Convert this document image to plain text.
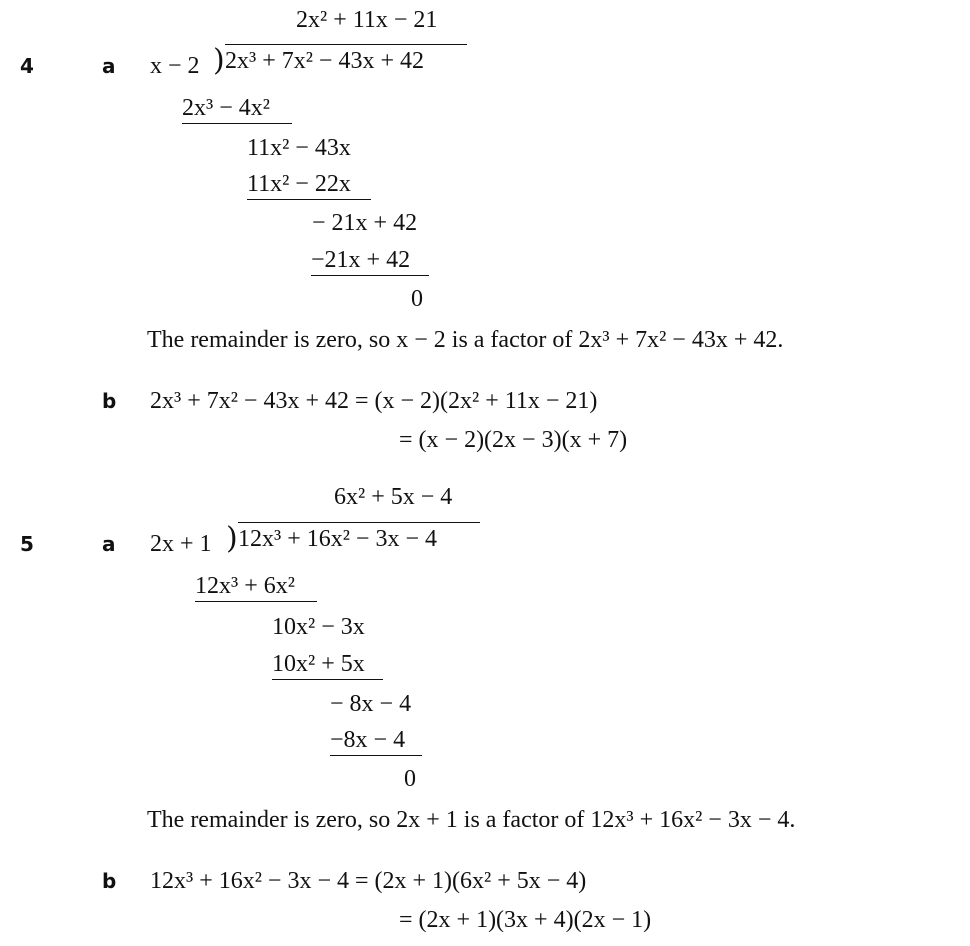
2x² + 11x − 21
4	a x − 2 ) 2x³ + 7x² − 43x + 42
2x³ − 4x²
11x² − 43x
11x² − 22x
− 21x + 42
−21x + 42
0
The remainder is zero, so x − 2 is a factor of 2x³ + 7x² − 43x + 42.
b 2x³ + 7x² − 43x + 42 = (x − 2)(2x² + 11x − 21)
= (x − 2)(2x − 3)(x + 7)
6x² + 5x − 4
5	a 2x + 1 ) 12x³ + 16x² − 3x − 4
12x³ + 6x²
10x² − 3x
10x² + 5x
− 8x − 4
−8x − 4
0
The remainder is zero, so 2x + 1 is a factor of 12x³ + 16x² − 3x − 4.
b 12x³ + 16x² − 3x − 4 = (2x + 1)(6x² + 5x − 4)
= (2x + 1)(3x + 4)(2x − 1)
